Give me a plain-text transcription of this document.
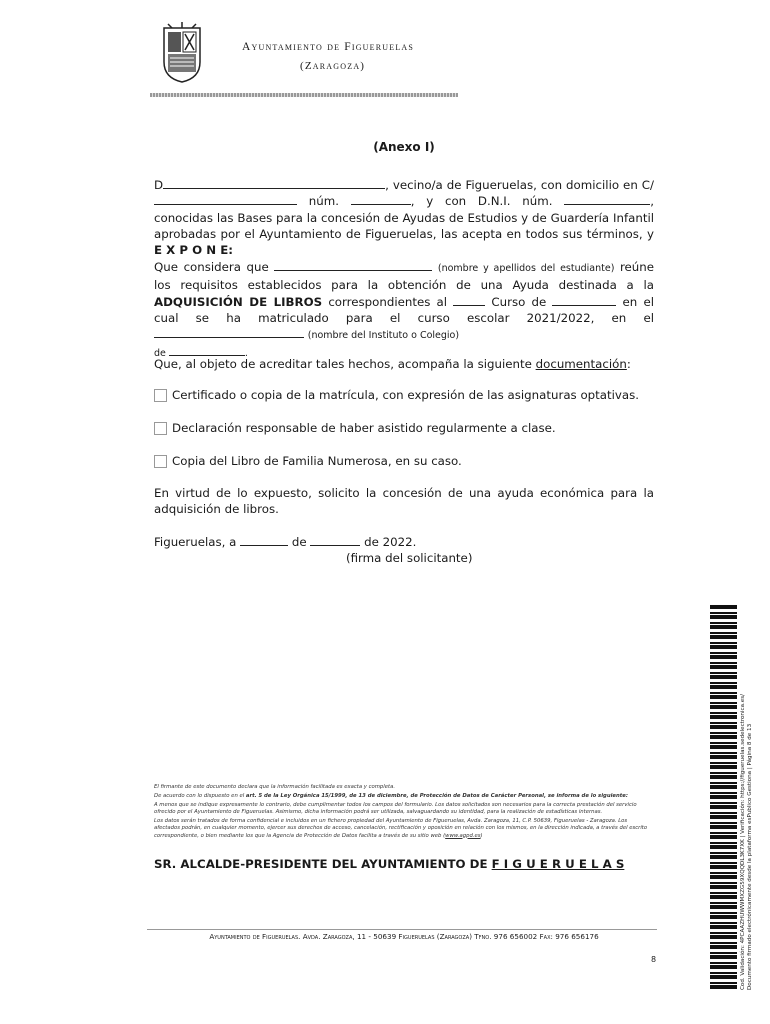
Ayuntamiento de Figueruelas
(Zaragoza)
(Anexo I)
D	, vecino/a de Figueruelas, con domicilio en C/  núm.	, y con D.N.I. núm.	, conocidas las Bases para la concesión de Ayudas de Estudios y de Guardería Infantil aprobadas por el Ayuntamiento de Figueruelas, las acepta en todos sus términos, y E X P O N E:
Que considera que	(nombre y apellidos del estudiante) reúne los requisitos establecidos para la obtención de una Ayuda destinada a la ADQUISICIÓN DE LIBROS correspondientes al	Curso de	en el cual se ha matriculado para el curso escolar 2021/2022, en el  (nombre del Instituto o Colegio)
de	.
Que, al objeto de acreditar tales hechos, acompaña la siguiente documentación:
Certificado o copia de la matrícula, con expresión de las asignaturas optativas.
Declaración responsable de haber asistido regularmente a clase.
Copia del Libro de Familia Numerosa, en su caso.
En virtud de lo expuesto, solicito la concesión de una ayuda económica para la adquisición de libros.
Figueruelas, a	de	de 2022.
(firma del solicitante)
El firmante de este documento declara que la información facilitada es exacta y completa.
De acuerdo con lo dispuesto en el art. 5 de la Ley Orgánica 15/1999, de 13 de diciembre, de Protección de Datos de Carácter Personal, se informa de lo siguiente:
A menos que se indique expresamente lo contrario, debe cumplimentar todos los campos del formulario. Los datos solicitados son necesarios para la correcta prestación del servicio ofrecido por el Ayuntamiento de Figueruelas. Asimismo, dicha información podrá ser utilizada, salvaguardando su identidad, para la realización de estadísticas internas.
Los datos serán tratados de forma confidencial e incluidos en un fichero propiedad del Ayuntamiento de Figueruelas, Avda. Zaragoza, 11, C.P. 50639, Figueruelas - Zaragoza. Los afectados podrán, en cualquier momento, ejercer sus derechos de acceso, cancelación, rectificación y oposición en relación con los mismos, en la dirección indicada, a través del escrito correspondiente, o bien mediante los que la Agencia de Protección de Datos facilita a través de su sitio web (www.agpd.es)
SR. ALCALDE-PRESIDENTE DEL AYUNTAMIENTO DE F I G U E R U E L A S
Ayuntamiento de Figueruelas. Avda. Zaragoza, 11 - 50639 Figueruelas (Zaragoza) Tfno. 976 656002 Fax: 976 656176
8	Cod. Validación: 4PCAAZHUWWMXZG59XQQDL3K7XK | Verificación: https://figueruelas.sedelectronica.es/ Documento firmado electrónicamente desde la plataforma esPublico Gestiona | Página 8 de 13
